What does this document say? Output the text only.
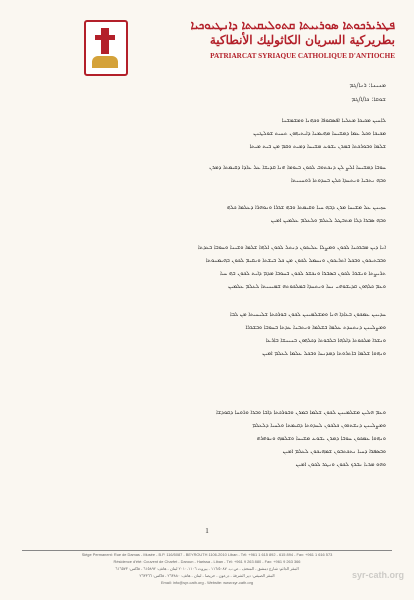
ܦܛܪܝܪܟܘܬܐ ܣܘܪܝܝܬܐ ܩܬܘܠܝܩܝܬܐ ܕܐܢܛܝܘܟܝܐ
بطريركية السريان الكاثوليك الأنطاكية
PATRIARCAT SYRIAQUE CATHOLIQUE D'ANTIOCHE
ܡܢܝܢܐ: ܪܢܐ/ܓܡ
ܫܘܩܐ: ܟܐ/ܐ/ܓܡ
ܠܐܚܝܢ ܡܟܝܟܐ ܡܥܠܝܐ ܐܦܣܩܘܦܐ ܘܟܗܢܐ ܘܡܫܡܫܢܐ
ܡܟܝܟܐ ܘܟܠ ܥܡܐ ܕܡܫܝܚܐ ܡܗܝܡܢܐ ܕܐܝܬܝܗܘܢ ܬܚܝܬ ܫܘܠܛܢܢ
ܫܠܡܐ ܘܒܘܪܟܬܐ ܒܡܪܢ ܝܫܘܥ ܡܫܝܚܐ ܕܡܝܬ ܘܩܡ ܡܢ ܒܝܬ ܡܝܬܐ
ܚܘܒܐ ܕܡܫܝܚܐ ܐܠܨ ܠܢ ܕܢܟܬܘܒ ܠܟܘܢ ܒܝܘܡܐ ܗܢܐ ܩܕܝܫܐ ܥܠ ܥܐܕܐ ܕܩܝܡܬܐ ܕܡܪܢ
ܘܒܗ ܢܬܒܝܐ ܘܢܬܚܕܐ ܟܠܢ ܒܚܕܘܬܐ ܪܘܚܢܝܬܐ
ܚܙܝܢܢ ܥܠ ܡܫܝܚܐ ܡܪܢ ܕܒܗ ܚܝܐ ܘܩܝܡܬܐ ܘܒܗ ܫܪܪܐ ܘܢܘܗܪܐ ܕܥܠܡܐ ܟܠܗ
ܘܒܗ ܣܒܪܐ ܕܠܐ ܡܬܒܛܠ ܠܥܠܡ ܘܠܥܠܡ ܥܠܡܝܢ ܐܡܝܢ
ܐܢܐ ܕܝܢ ܡܒܪܟܢܐ ܠܟܘܢ ܘܡܨܠܐ ܥܠܝܟܘܢ ܕܢܬܠ ܠܟܘܢ ܐܠܗܐ ܫܠܡܐ ܘܫܝܢܐ ܘܚܘܒܐ ܒܥܕܬܐ
ܘܒܒܬܝܟܘܢ ܘܒܟܠ ܐܬܪܝܟܘܢ ܘܢܚܡܠ ܠܟܘܢ ܡܢ ܟܠ ܒܝܫܬܐ ܘܢܩܝܡ ܠܟܘܢ ܒܗܝܡܢܘܬܐ
ܬܪܝܨܬܐ ܘܢܫܪܪ ܠܟܘܢ ܒܣܒܪܐ ܘܢܟܫܪ ܠܟܘܢ ܒܚܘܒܐ ܡܕܡ ܕܐܝܬ ܠܟܘܢ ܒܗ ܚܝܐ
ܘܥܡ ܟܠܗܘܢ ܩܕܝܫܘܗܝ ܢܚܐ ܘܢܬܚܕܐ ܒܡܠܟܘܬܗ ܫܡܝܢܝܬܐ ܠܥܠܡ ܥܠܡܝܢ
ܚܕܝܢܢ ܥܡܟܘܢ ܒܥܐܕܐ ܗܢܐ ܘܡܫܠܡܝܢܢ ܠܟܘܢ ܒܘܪܟܬܐ ܫܠܝܚܝܬܐ ܡܢ ܠܒܐ
ܘܡܨܠܝܢܢ ܕܢܬܚܕܬ ܥܠܡܐ ܒܫܠܡܐ ܘܢܬܒܢܐ ܥܕܬܐ ܒܚܘܒܐ ܘܒܫܪܪܐ
ܘܢܫܪܐ ܡܠܟܘܬܐ ܕܐܠܗܐ ܒܠܒܘܬܐ ܕܟܠܗܘܢ ܒܢܝܢܫܐ ܒܐܪܥܐ
ܘܢܗܘܐ ܫܠܡܐ ܒܐܬܪܘܬܐ ܕܡܕܢܚܐ ܘܒܟܠ ܥܠܡܐ ܠܥܠܡ ܐܡܝܢ
ܘܥܡ ܗܠܝܢ ܡܫܠܡܝܢܢ ܠܟܘܢ ܫܠܡܐ ܒܡܪܢ ܘܒܘܪܟܬܐ ܕܐܒܐ ܘܒܪܐ ܘܪܘܚܐ ܕܩܘܕܫܐ
ܘܡܨܠܝܢܢ ܕܢܫܬܘܘܢ ܟܠܟܘܢ ܠܚܕܘܬܐ ܕܩܝܡܬܐ ܘܠܚܝܐ ܕܠܥܠܡ
ܘܢܗܘܐ ܥܡܟܘܢ ܚܘܒܐ ܕܡܪܢ ܝܫܘܥ ܡܫܝܚܐ ܘܫܠܡܗ ܘܢܘܗܪܗ
ܘܒܣܦܪܐ ܕܚܝܐ ܢܬܟܬܒܘܢ ܫܡܗܝܟܘܢ ܠܥܠܡ ܐܡܝܢ
ܘܗܘ ܡܪܝܐ ܢܒܪܟ ܠܟܘܢ ܘܢܛܪ ܠܟܘܢ ܐܡܝܢ
1
Siège Permanent: Rue de Damas - Musée - B.P. 116/5087 - BEYROUTH 1106-2010 Liban - Tél: +961 1 615 892 - 615 894 - Fax: +961 1 616 573
Résidence d'été: Couvent de Charfet - Daroun - Harissa - Liban - Tél: +961 9 263 880 - Fax: +961 9 263 366
المقر الدائم: شارع دمشق - المتحف - ص.ب. ١١٦/٥٠٨٧ - بيروت ١١٠٦-٢٠١٠ لبنان - هاتف: ٦١٥٨٩٢ - فاكس: ٦١٦٥٧٣
المقر الصيفي: دير الشرفة - درعون - حريصا - لبنان - هاتف: ٢٦٣٨٨٠ - فاكس: ٢٦٣٣٦٦
Email: info@syr-cath.org - Website: www.syr-cath.org
syr-cath.org
